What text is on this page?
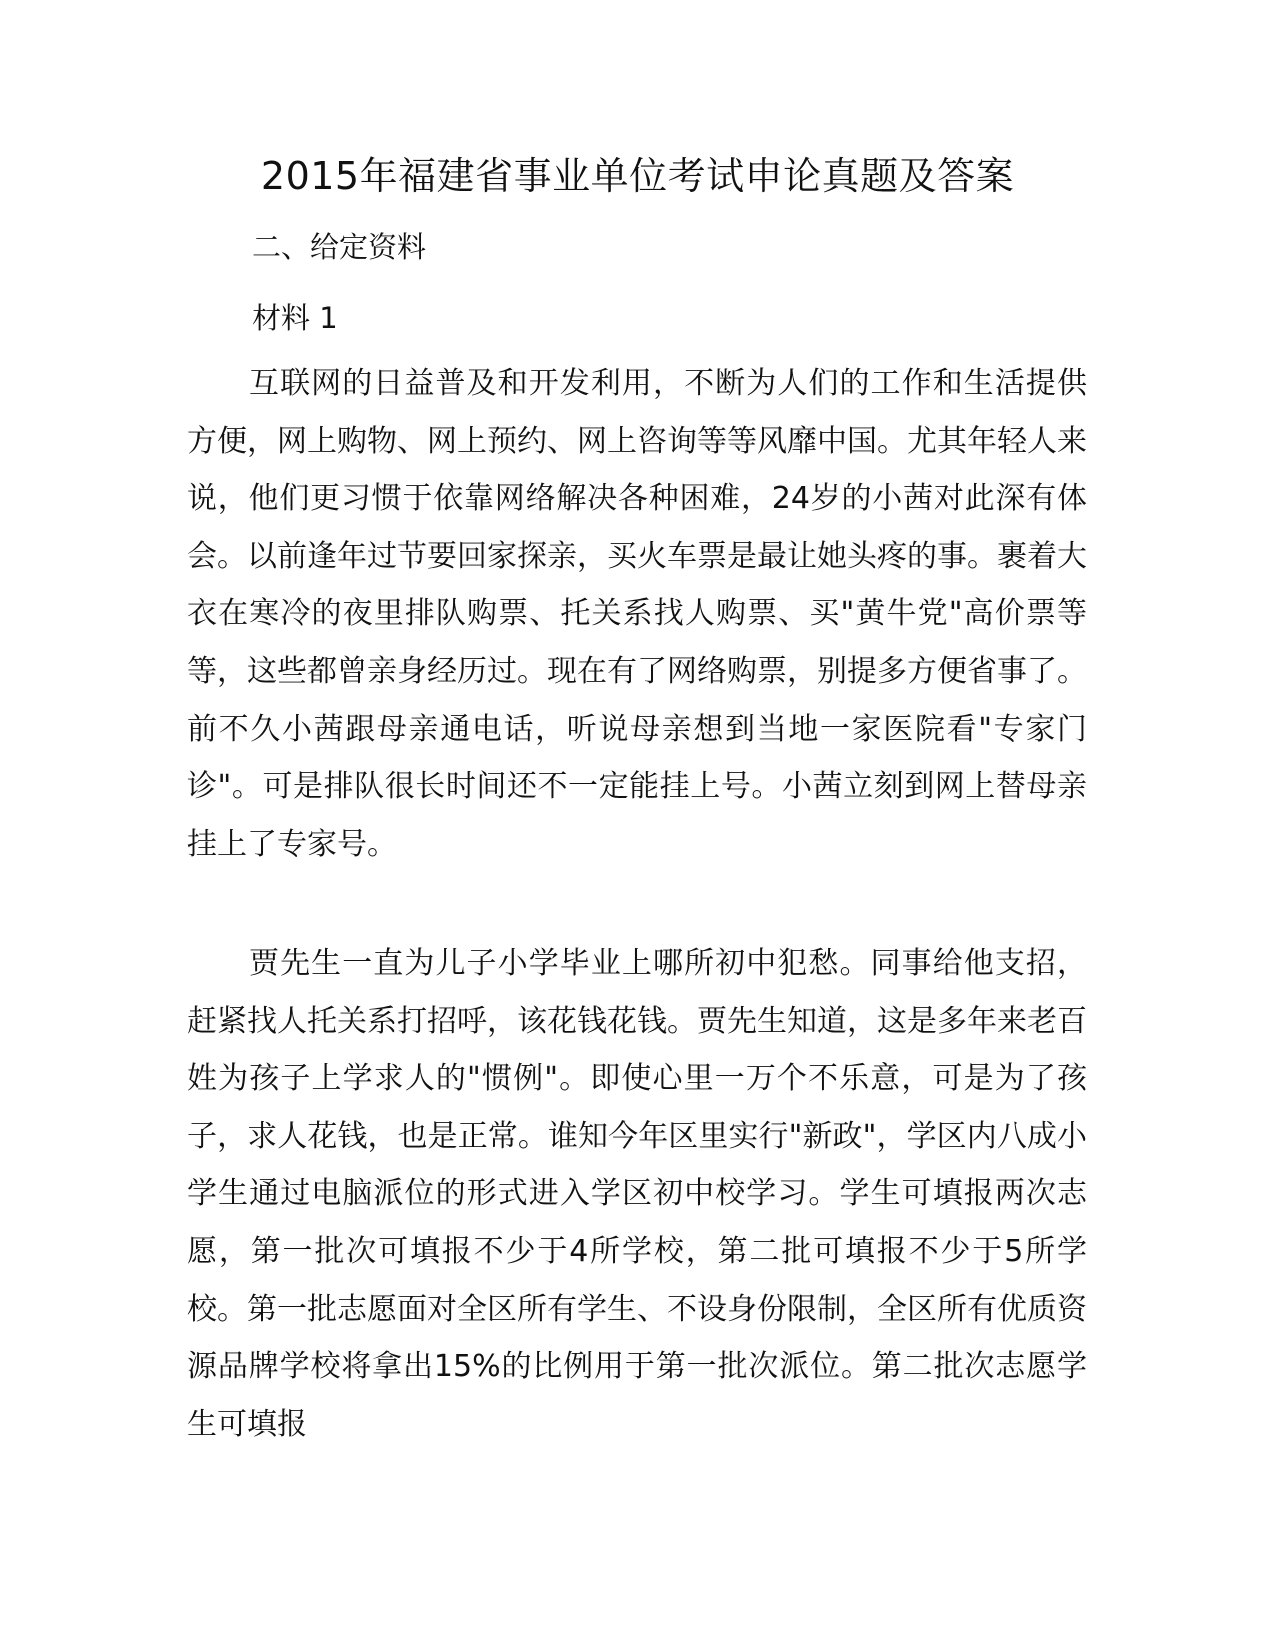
2015年福建省事业单位考试申论真题及答案

二、给定资料

材料 1

互联网的日益普及和开发利用，不断为人们的工作和生活提供方便，网上购物、网上预约、网上咨询等等风靡中国。尤其年轻人来说，他们更习惯于依靠网络解决各种困难，24岁的小茜对此深有体会。以前逢年过节要回家探亲，买火车票是最让她头疼的事。裹着大衣在寒冷的夜里排队购票、托关系找人购票、买"黄牛党"高价票等等，这些都曾亲身经历过。现在有了网络购票，别提多方便省事了。前不久小茜跟母亲通电话，听说母亲想到当地一家医院看"专家门诊"。可是排队很长时间还不一定能挂上号。小茜立刻到网上替母亲挂上了专家号。

贾先生一直为儿子小学毕业上哪所初中犯愁。同事给他支招，赶紧找人托关系打招呼，该花钱花钱。贾先生知道，这是多年来老百姓为孩子上学求人的"惯例"。即使心里一万个不乐意，可是为了孩子，求人花钱，也是正常。谁知今年区里实行"新政"，学区内八成小学生通过电脑派位的形式进入学区初中校学习。学生可填报两次志愿，第一批次可填报不少于4所学校，第二批可填报不少于5所学校。第一批志愿面对全区所有学生、不设身份限制，全区所有优质资源品牌学校将拿出15%的比例用于第一批次派位。第二批次志愿学生可填报
